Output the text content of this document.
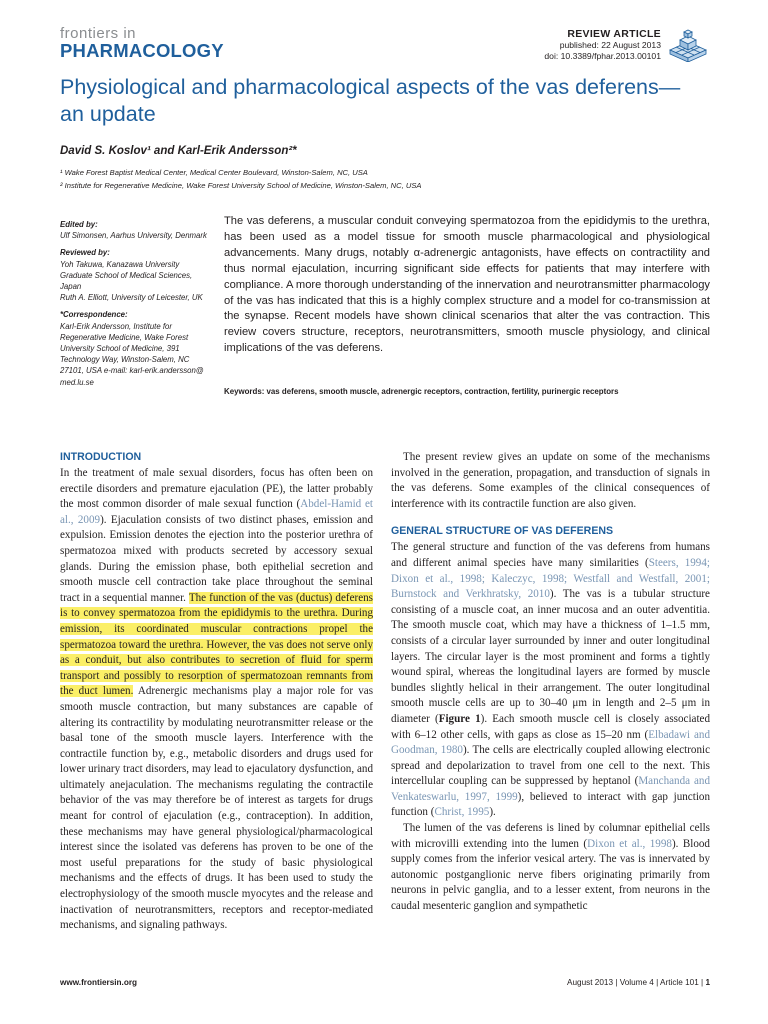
frontiers in
PHARMACOLOGY
REVIEW ARTICLE
published: 22 August 2013
doi: 10.3389/fphar.2013.00101
Physiological and pharmacological aspects of the vas deferens—an update
David S. Koslov¹ and Karl-Erik Andersson²*
¹ Wake Forest Baptist Medical Center, Medical Center Boulevard, Winston-Salem, NC, USA
² Institute for Regenerative Medicine, Wake Forest University School of Medicine, Winston-Salem, NC, USA
Edited by:
Ulf Simonsen, Aarhus University, Denmark
Reviewed by:
Yoh Takuwa, Kanazawa University Graduate School of Medical Sciences, Japan
Ruth A. Elliott, University of Leicester, UK
*Correspondence:
Karl-Erik Andersson, Institute for Regenerative Medicine, Wake Forest University School of Medicine, 391 Technology Way, Winston-Salem, NC 27101, USA e-mail: karl-erik.andersson@ med.lu.se
The vas deferens, a muscular conduit conveying spermatozoa from the epididymis to the urethra, has been used as a model tissue for smooth muscle pharmacological and physiological advancements. Many drugs, notably α-adrenergic antagonists, have effects on contractility and thus normal ejaculation, incurring significant side effects for patients that may interfere with compliance. A more thorough understanding of the innervation and neurotransmitter pharmacology of the vas has indicated that this is a highly complex structure and a model for co-transmission at the synapse. Recent models have shown clinical scenarios that alter the vas contraction. This review covers structure, receptors, neurotransmitters, smooth muscle physiology, and clinical implications of the vas deferens.
Keywords: vas deferens, smooth muscle, adrenergic receptors, contraction, fertility, purinergic receptors
INTRODUCTION

In the treatment of male sexual disorders, focus has often been on erectile disorders and premature ejaculation (PE), the latter probably the most common disorder of male sexual function (Abdel-Hamid et al., 2009). Ejaculation consists of two distinct phases, emission and expulsion. Emission denotes the ejection into the posterior urethra of spermatozoa mixed with products secreted by accessory sexual glands. During the emission phase, both epithelial secretion and smooth muscle cell contraction take place throughout the seminal tract in a sequential manner. The function of the vas (ductus) deferens is to convey spermatozoa from the epididymis to the urethra. During emission, its coordinated muscular contractions propel the spermatozoa toward the urethra. However, the vas does not serve only as a conduit, but also contributes to secretion of fluid for sperm transport and possibly to resorption of spermatozoan remnants from the duct lumen. Adrenergic mechanisms play a major role for vas smooth muscle contraction, but many substances are capable of altering its contractility by modulating neurotransmitter release or the basal tone of the smooth muscle layers. Interference with the contractile function by, e.g., metabolic disorders and drugs used for lower urinary tract disorders, may lead to ejaculatory dysfunction, and ultimately anejaculation. The mechanisms regulating the contractile behavior of the vas may therefore be of interest as targets for drugs meant for control of ejaculation (e.g., contraception). In addition, these mechanisms may have general physiological/pharmacological interest since the isolated vas deferens has proven to be one of the most useful preparations for the study of basic physiological mechanisms and the effects of drugs. It has been used to study the electrophysiology of the smooth muscle myocytes and the release and inactivation of neurotransmitters, receptors and receptor-mediated mechanisms, and signaling pathways.

The present review gives an update on some of the mechanisms involved in the generation, propagation, and transduction of signals in the vas deferens. Some examples of the clinical consequences of interference with its contractile function are also given.

GENERAL STRUCTURE OF VAS DEFERENS

The general structure and function of the vas deferens from humans and different animal species have many similarities (Steers, 1994; Dixon et al., 1998; Kaleczyc, 1998; Westfall and Westfall, 2001; Burnstock and Verkhratsky, 2010). The vas is a tubular structure consisting of a muscle coat, an inner mucosa and an outer adventitia. The smooth muscle coat, which may have a thickness of 1–1.5 mm, consists of a circular layer surrounded by inner and outer longitudinal layers. The circular layer is the most prominent and forms a tightly wound spiral, whereas the longitudinal layers are formed by muscle bundles slightly helical in their arrangement. The outer longitudinal smooth muscle cells are up to 30–40 μm in length and 2–5 μm in diameter (Figure 1). Each smooth muscle cell is closely associated with 6–12 other cells, with gaps as close as 15–20 nm (Elbadawi and Goodman, 1980). The cells are electrically coupled allowing electronic spread and depolarization to travel from one cell to the next. This intercellular coupling can be suppressed by heptanol (Manchanda and Venkateswarlu, 1997, 1999), believed to interact with gap junction function (Christ, 1995).

The lumen of the vas deferens is lined by columnar epithelial cells with microvilli extending into the lumen (Dixon et al., 1998). Blood supply comes from the inferior vesical artery. The vas is innervated by autonomic postganglionic nerve fibers originating primarily from neurons in pelvic ganglia, and to a lesser extent, from neurons in the caudal mesenteric ganglion and sympathetic

www.frontiersin.org	August 2013 | Volume 4 | Article 101 | 1
